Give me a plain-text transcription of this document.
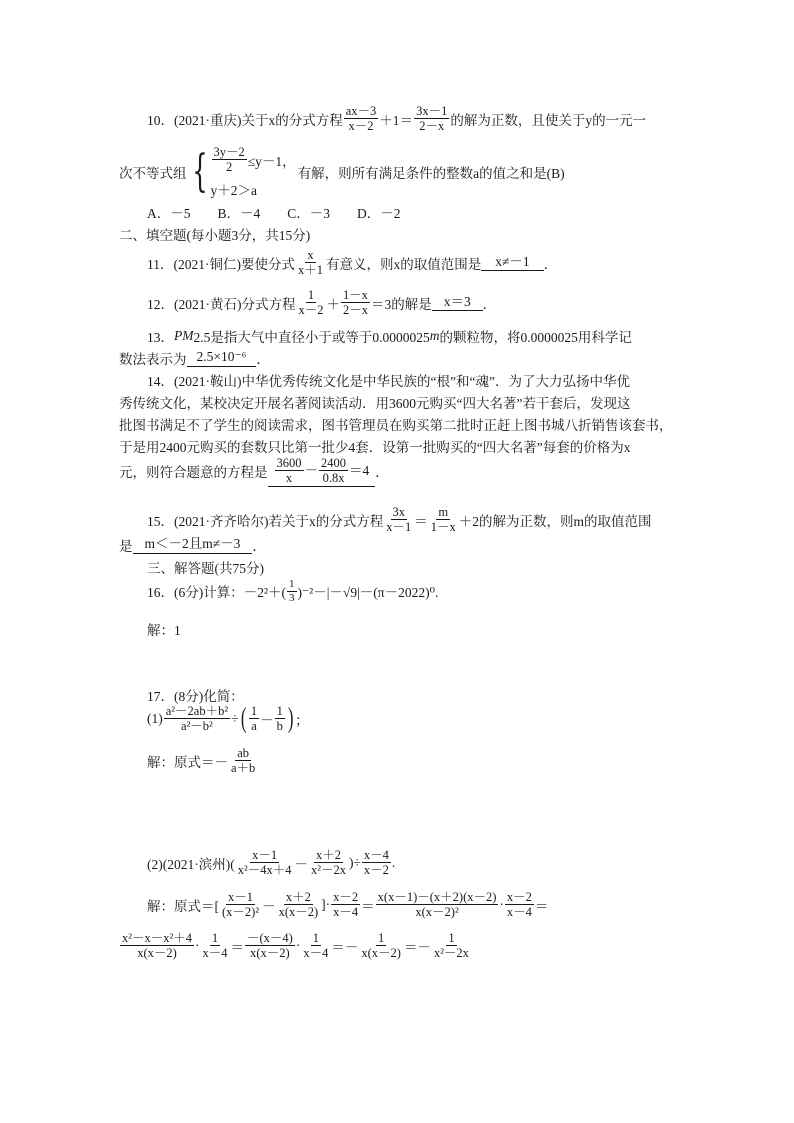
10．(2021·重庆)关于x的分式方程 $\frac{ax-3}{x-2} +1= \frac{3x-1}{2-x}$ 的解为正数，且使关于y的一元一
次不等式组 { $\frac{3y-2}{2} \le y-1$，
y＋2＞a
有解，则所有满足条件的整数a的值之和是(B)
A．－5　　B．－4　　C．－3　　D．－2
二、填空题(每小题3分，共15分)
11．(2021·铜仁)要使分式 $\frac{x}{x+1}$ 有意义，则x的取值范围是	x≠－1	．
12．(2021·黄石)分式方程 $\frac{1}{x-2} + \frac{1-x}{2-x} =3$的解是 x＝3 ．
13． PM 2.5是指大气中直径小于或等于0.0000025 m 的颗粒物，将0.0000025用科学记
数法表示为 2.5×10⁻⁶ ．
14．(2021·鞍山)中华优秀传统文化是中华民族的“根”和“魂”．为了大力弘扬中华优
秀传统文化，某校决定开展名著阅读活动．用3600元购买“四大名著”若干套后，发现这
批图书满足不了学生的阅读需求，图书管理员在购买第二批时正赶上图书城八折销售该套书，
于是用2400元购买的套数只比第一批少4套．设第一批购买的“四大名著”每套的价格为x
元，则符合题意的方程是 $\frac{3600}{x} - \frac{2400}{0.8x} =4$ ．
15．(2021·齐齐哈尔)若关于x的分式方程 $\frac{3x}{x-1} = \frac{m}{1-x} +2$的解为正数，则m的取值范围
是 m＜－2且m≠－3 ．
三、解答题(共75分)
16．(6分)计算：$-2^2+( \frac{1}{3} )^{-2}-|-√9|-(\pi-2022)^0$.
解：1
17．(8分)化简：
$(1) \frac{\text{a²－2ab＋b²}}{\text{a²－b²}}$ ÷ ( $\frac{1}{a} - \frac{1}{b}$ ) ；
解：原式＝－ $\frac{ab}{a+b}$
(2)(2021·滨州)( $\frac{x-1}{\text{x²－4x＋4}} - \frac{x+2}{\text{x²－2x}}$ )÷ $\frac{x-4}{x-2}$ .
解：原式＝[ $\frac{x-1}{\text{(x－2)²}} - \frac{x+2}{x(x-2)}$ ]· $\frac{x-2}{x-4} = \frac{x(x-1)-(x+2)(x-2)}{\text{x(x－2)²}} \cdot \frac{x-2}{x-4}$ ＝
$\frac{\text{x²－x－x²＋4}}{x(x-2)} \cdot \frac{1}{x-4} = \frac{-(x-4)}{x(x-2)} \cdot \frac{1}{x-4} =- \frac{1}{x(x-2)} =- \frac{1}{\text{x²－2x}}$
